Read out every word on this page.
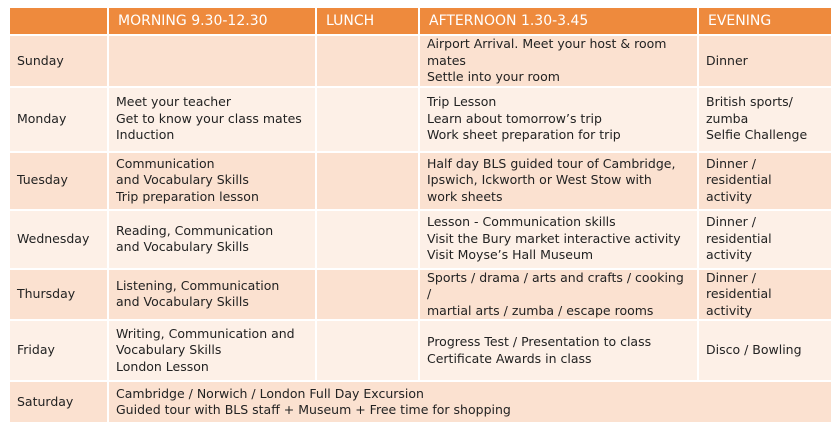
	MORNING 9.30-12.30	LUNCH	AFTERNOON 1.30-3.45	EVENING
Sunday			Airport Arrival. Meet your host & room mates
Settle into your room	Dinner

Monday	Meet your teacher
Get to know your class mates
Induction		Trip Lesson
Learn about tomorrow’s trip
Work sheet preparation for trip	British sports/ zumba
Selfie Challenge

Tuesday	Communication
and Vocabulary Skills
Trip preparation lesson		Half day BLS guided tour of Cambridge,
Ipswich, Ickworth or West Stow with
work sheets	Dinner / residential
activity

Wednesday	Reading, Communication
and Vocabulary Skills		Lesson - Communication skills
Visit the Bury market interactive activity
Visit Moyse’s Hall Museum	Dinner / residential
activity

Thursday	Listening, Communication
and Vocabulary Skills		Sports / drama / arts and crafts / cooking /
martial arts / zumba / escape rooms	Dinner / residential
activity

Friday	Writing, Communication and
Vocabulary Skills
London Lesson		Progress Test / Presentation to class
Certificate Awards in class	Disco / Bowling

Saturday	Cambridge / Norwich / London Full Day Excursion
Guided tour with BLS staff + Museum + Free time for shopping			
